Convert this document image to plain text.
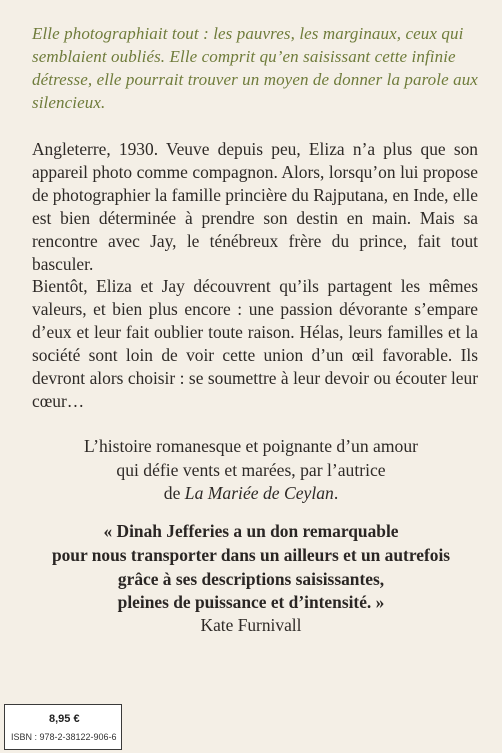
Elle photographiait tout : les pauvres, les marginaux, ceux qui semblaient oubliés. Elle comprit qu’en saisissant cette infinie détresse, elle pourrait trouver un moyen de donner la parole aux silencieux.

Angleterre, 1930. Veuve depuis peu, Eliza n’a plus que son appareil photo comme compagnon. Alors, lorsqu’on lui propose de photographier la famille princière du Rajputana, en Inde, elle est bien déterminée à prendre son destin en main. Mais sa rencontre avec Jay, le ténébreux frère du prince, fait tout basculer.

Bientôt, Eliza et Jay découvrent qu’ils partagent les mêmes valeurs, et bien plus encore : une passion dévorante s’empare d’eux et leur fait oublier toute raison. Hélas, leurs familles et la société sont loin de voir cette union d’un œil favorable. Ils devront alors choisir : se soumettre à leur devoir ou écouter leur cœur…

L’histoire romanesque et poignante d’un amour
qui défie vents et marées, par l’autrice
de La Mariée de Ceylan.
« Dinah Jefferies a un don remarquable
pour nous transporter dans un ailleurs et un autrefois
grâce à ses descriptions saisissantes,
pleines de puissance et d’intensité. »
Kate Furnivall
8,95 €
ISBN : 978-2-38122-906-6
